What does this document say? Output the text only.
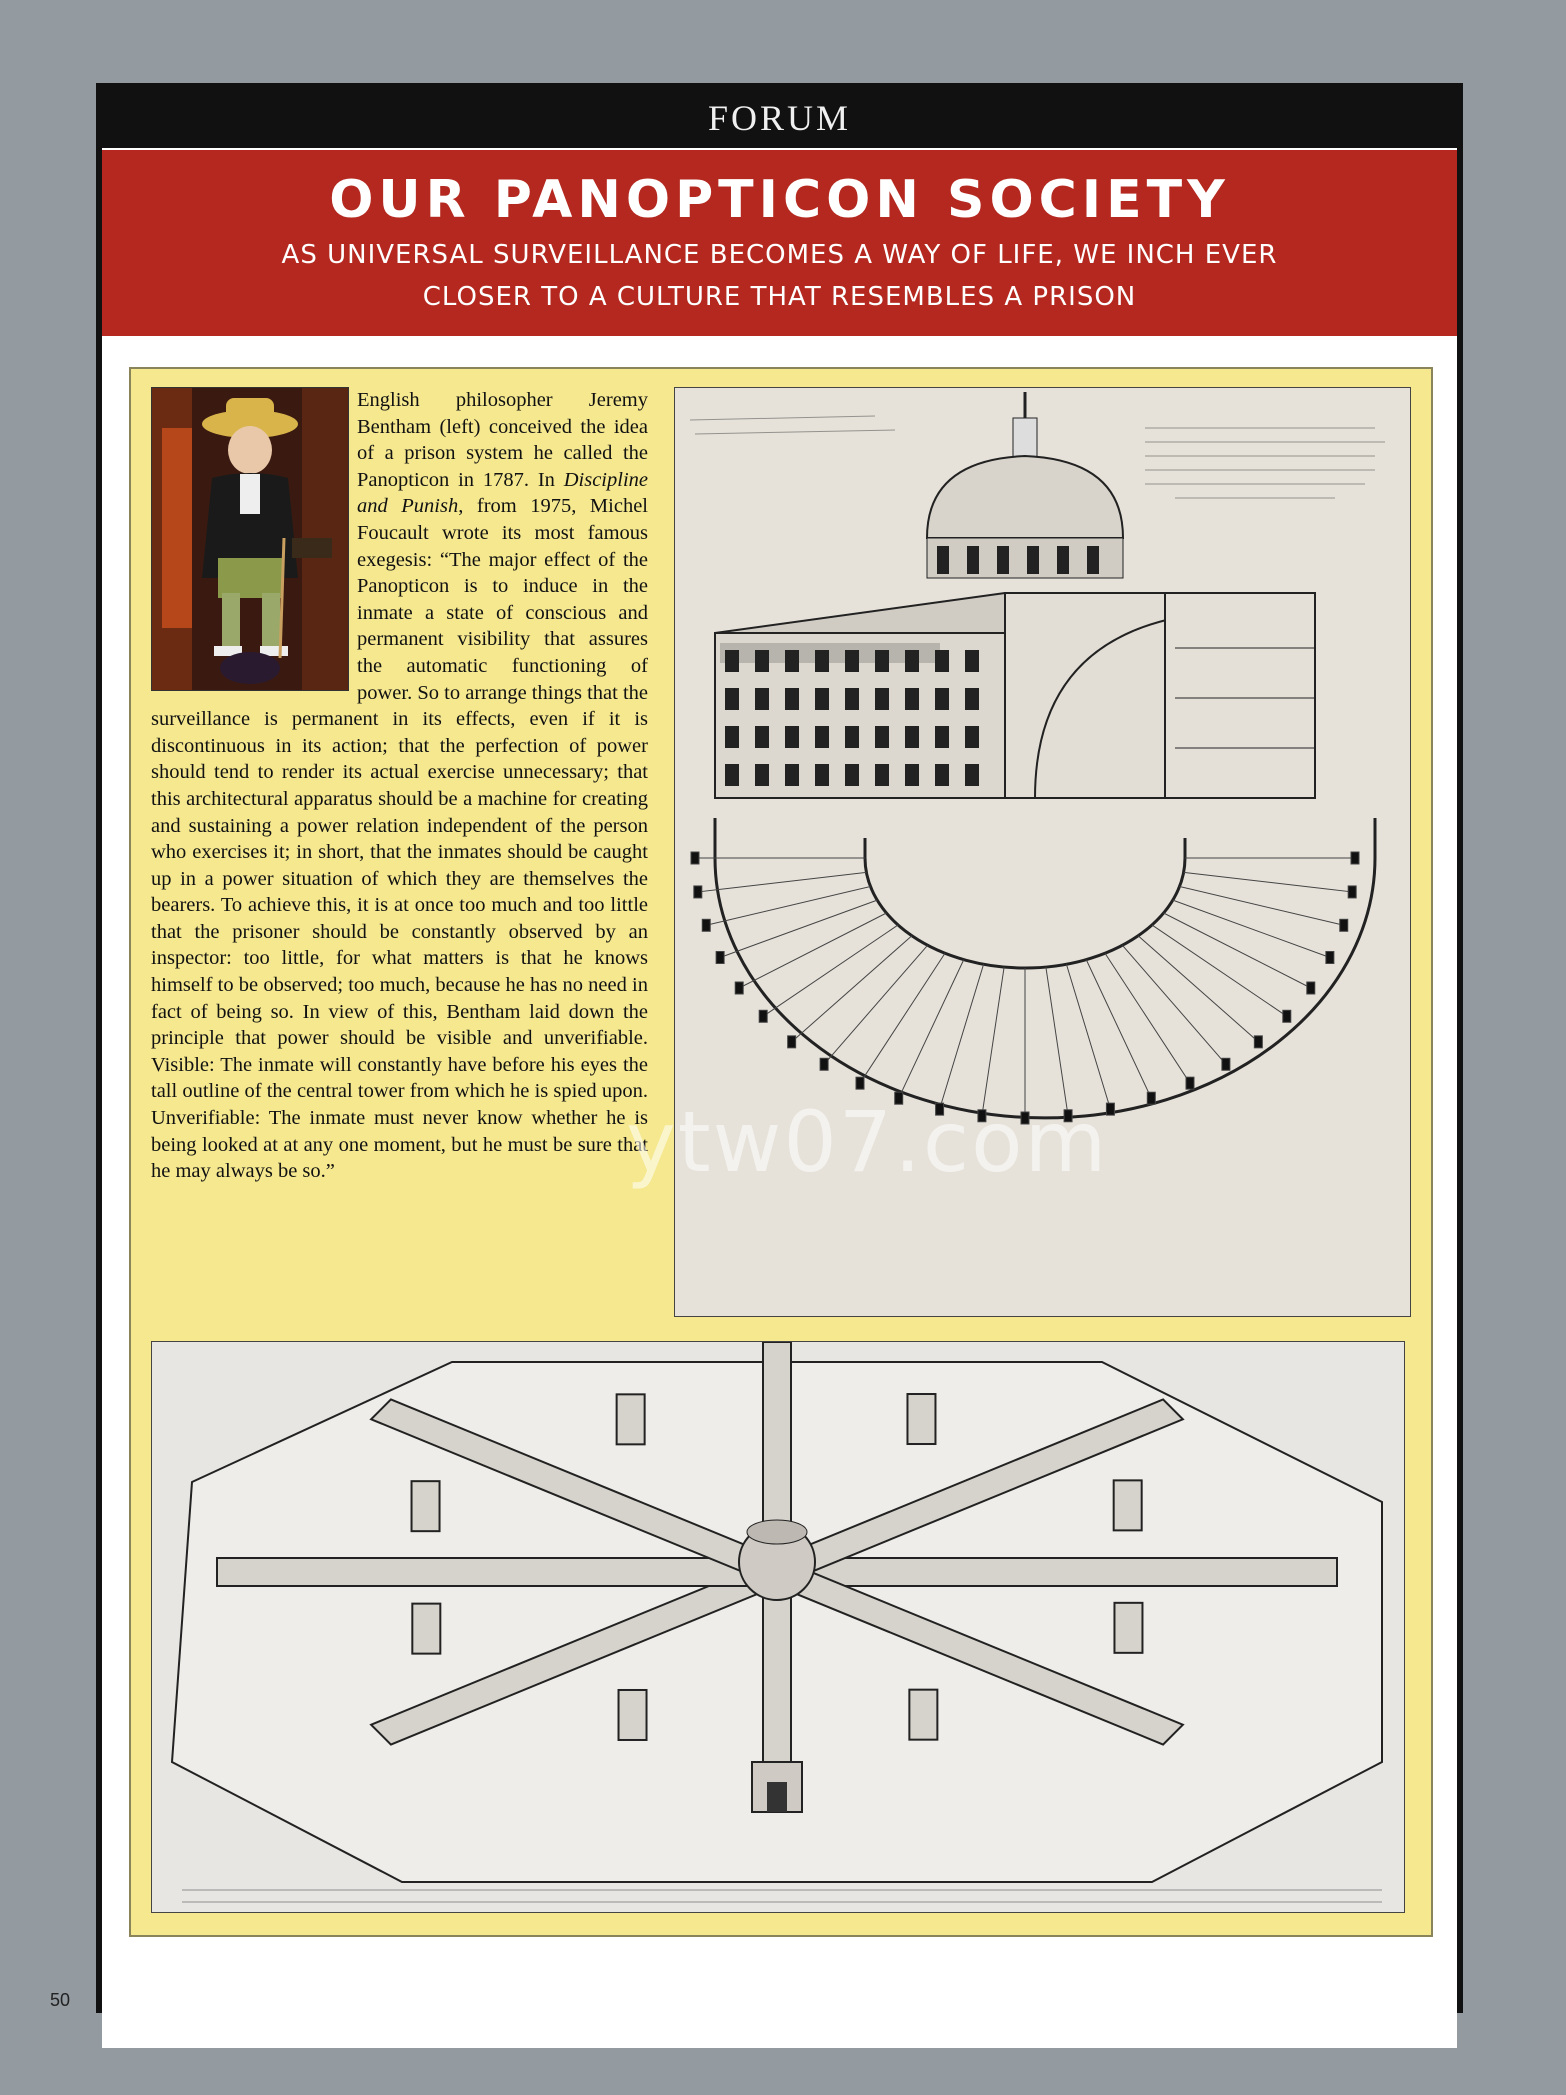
FORUM
OUR PANOPTICON SOCIETY
AS UNIVERSAL SURVEILLANCE BECOMES A WAY OF LIFE, WE INCH EVER
CLOSER TO A CULTURE THAT RESEMBLES A PRISON

English philosopher Jeremy Bentham (left) conceived the idea of a prison system he called the Panopticon in 1787. In Discipline and Punish, from 1975, Michel Foucault wrote its most famous exegesis: “The major effect of the Panopticon is to induce in the inmate a state of conscious and permanent visibility that assures the automatic functioning of power. So to arrange things that the surveillance is permanent in its effects, even if it is discontinuous in its action; that the perfection of power should tend to render its actual exercise unnecessary; that this architectural apparatus should be a machine for creating and sustaining a power relation independent of the person who exercises it; in short, that the inmates should be caught up in a power situation of which they are themselves the bearers. To achieve this, it is at once too much and too little that the prisoner should be constantly observed by an inspector: too little, for what matters is that he knows himself to be observed; too much, because he has no need in fact of being so. In view of this, Bentham laid down the principle that power should be visible and unverifiable. Visible: The inmate will constantly have before his eyes the tall outline of the central tower from which he is spied upon. Unverifiable: The inmate must never know whether he is being looked at at any one moment, but he must be sure that he may always be so.”	ytw07.com
50
